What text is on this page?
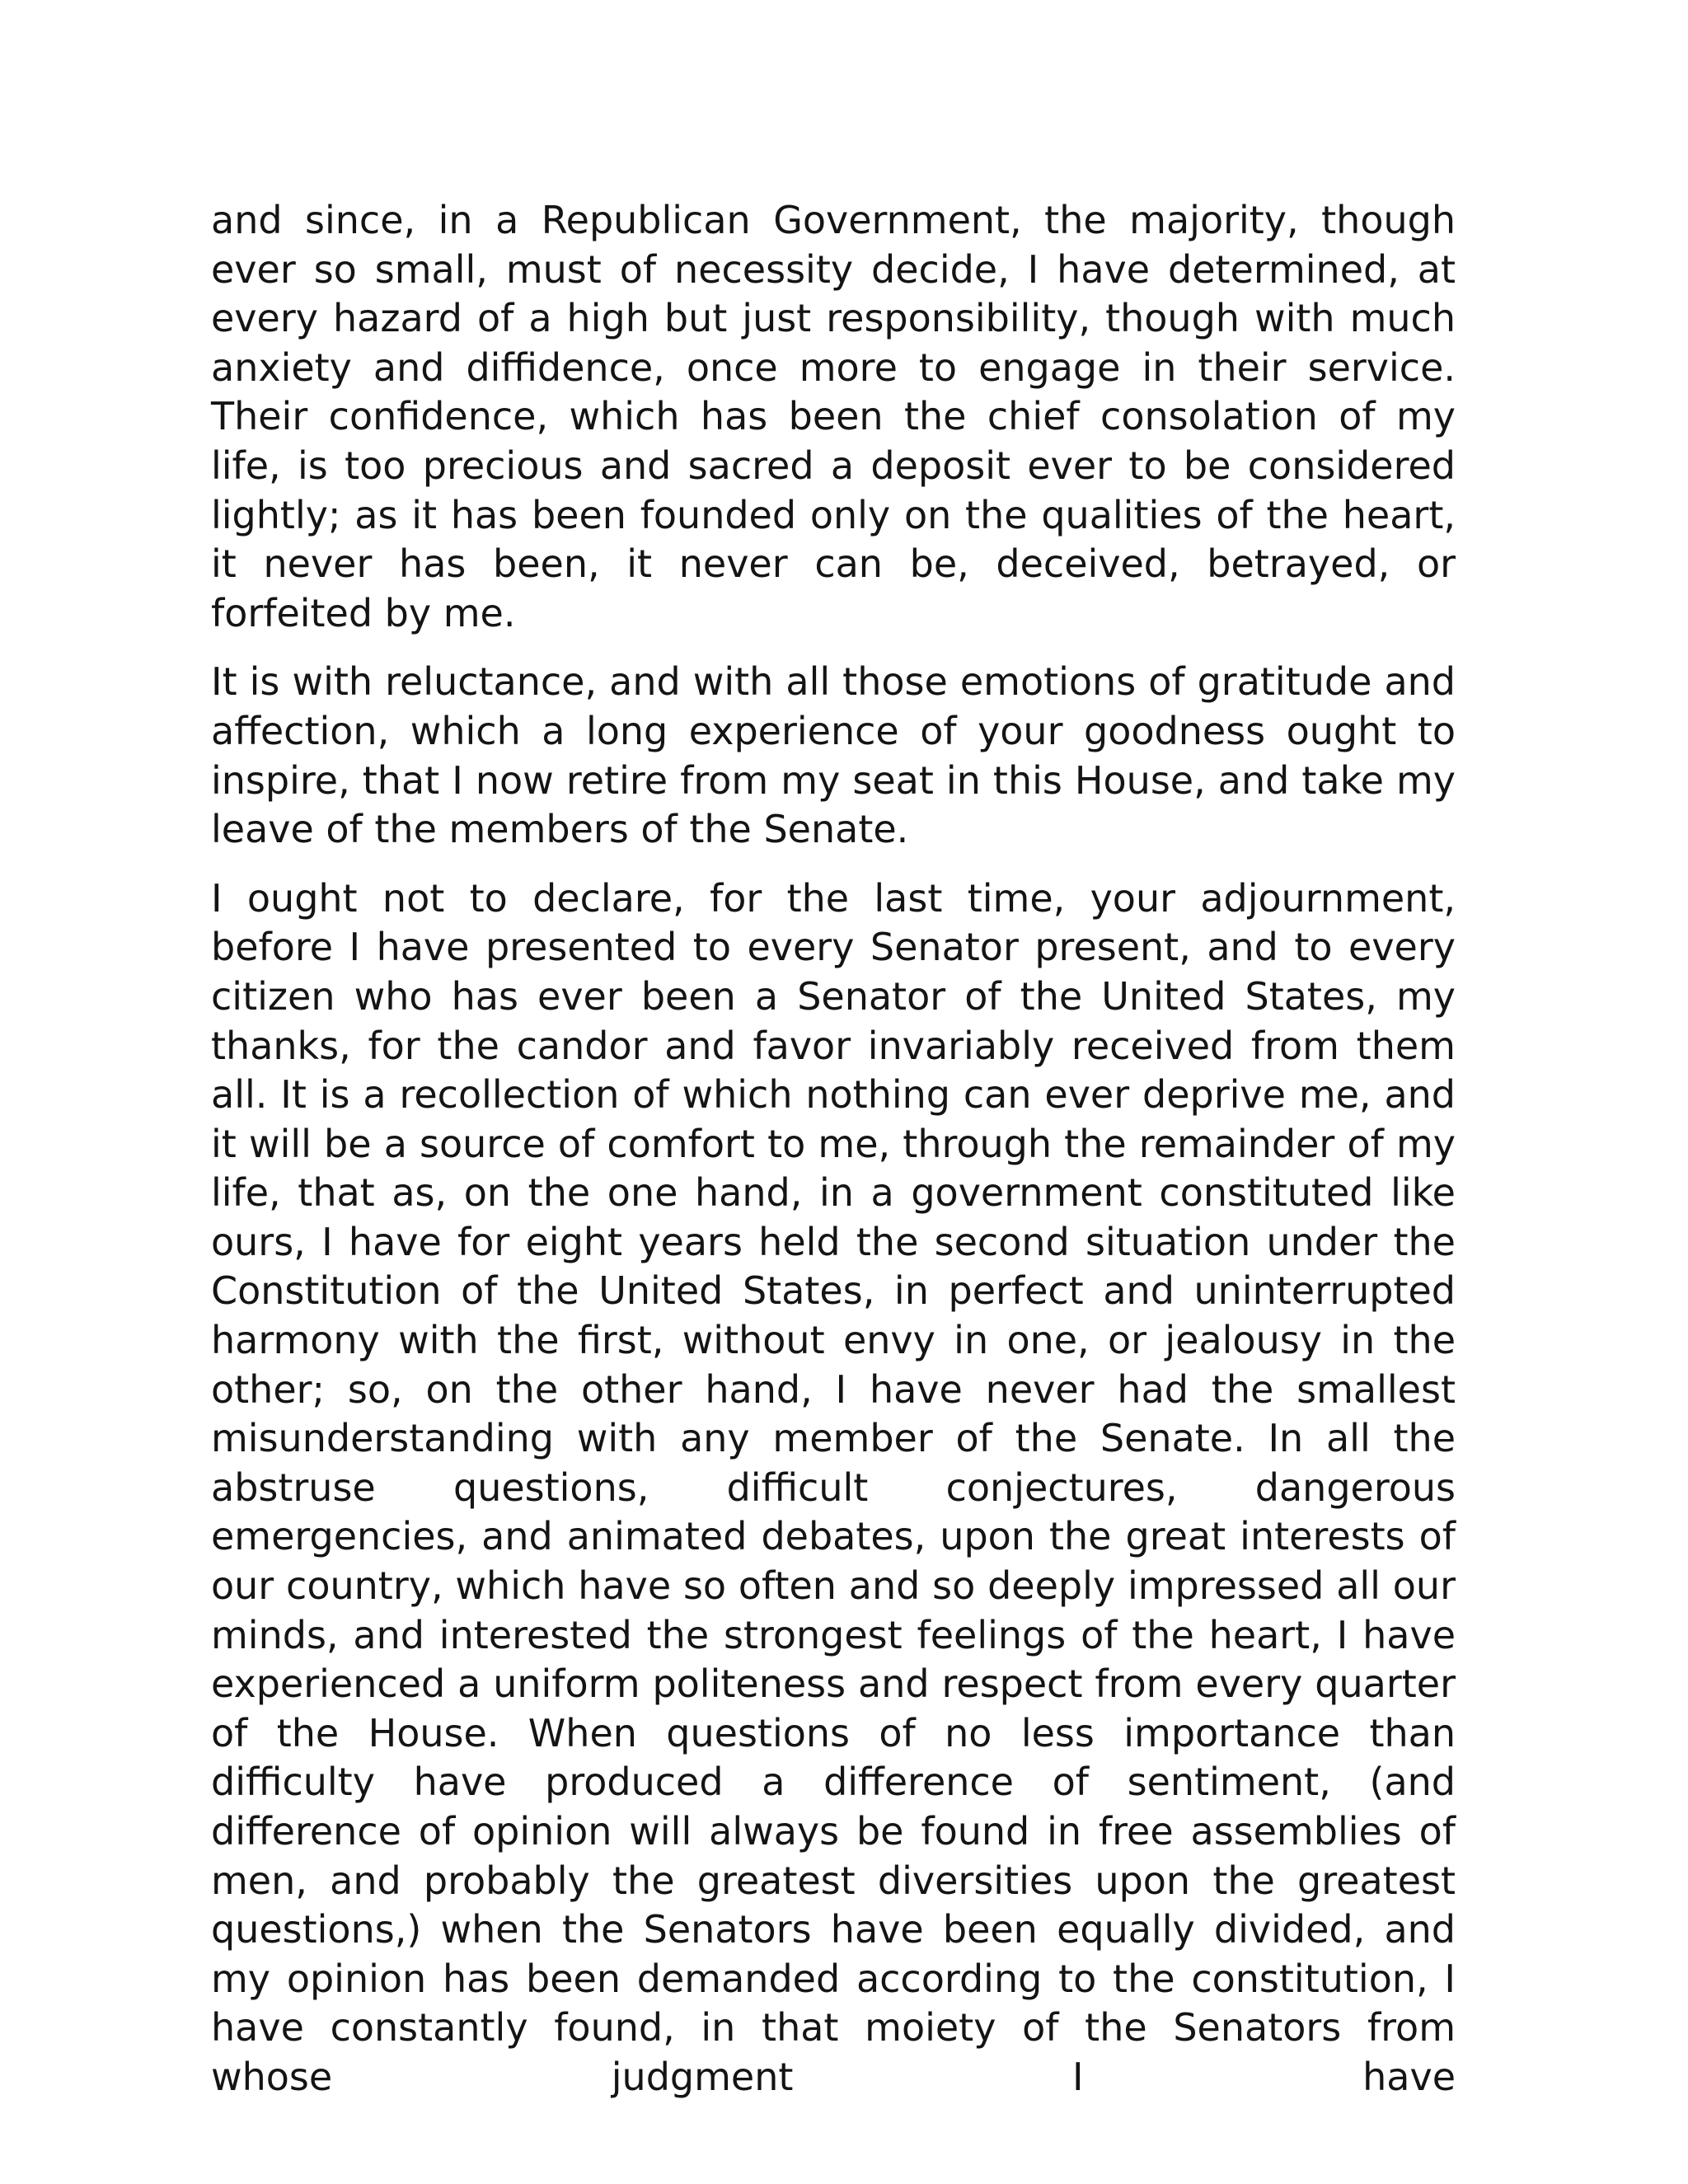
and since, in a Republican Government, the majority, though ever so small, must of necessity decide, I have determined, at every hazard of a high but just responsibility, though with much anxiety and diffidence, once more to engage in their service. Their confidence, which has been the chief consolation of my life, is too precious and sacred a deposit ever to be considered lightly; as it has been founded only on the qualities of the heart, it never has been, it never can be, deceived, betrayed, or forfeited by me.

It is with reluctance, and with all those emotions of gratitude and affection, which a long experience of your goodness ought to inspire, that I now retire from my seat in this House, and take my leave of the members of the Senate.

I ought not to declare, for the last time, your adjournment, before I have presented to every Senator present, and to every citizen who has ever been a Senator of the United States, my thanks, for the candor and favor invariably received from them all. It is a recollection of which nothing can ever deprive me, and it will be a source of comfort to me, through the remainder of my life, that as, on the one hand, in a government constituted like ours, I have for eight years held the second situation under the Constitution of the United States, in perfect and uninterrupted harmony with the first, without envy in one, or jealousy in the other; so, on the other hand, I have never had the smallest misunderstanding with any member of the Senate. In all the abstruse questions, difficult conjectures, dangerous emergencies, and animated debates, upon the great interests of our country, which have so often and so deeply impressed all our minds, and interested the strongest feelings of the heart, I have experienced a uniform politeness and respect from every quarter of the House. When questions of no less importance than difficulty have produced a difference of sentiment, (and difference of opinion will always be found in free assemblies of men, and probably the greatest diversities upon the greatest questions,) when the Senators have been equally divided, and my opinion has been demanded according to the constitution, I have constantly found, in that moiety of the Senators from whose judgment I have
